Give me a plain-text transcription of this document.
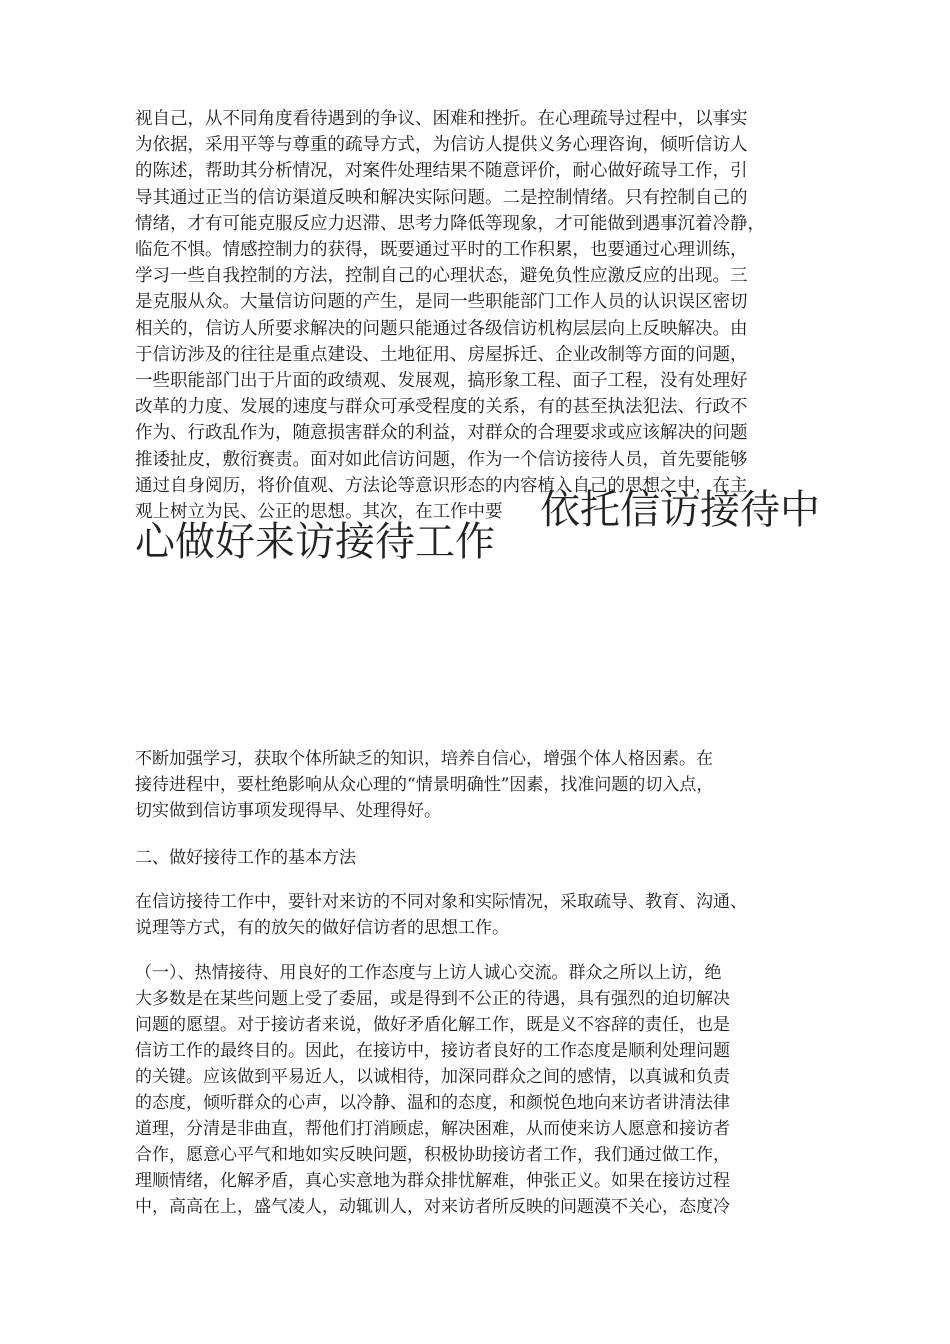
视自己，从不同角度看待遇到的争议、困难和挫折。在心理疏导过程中，以事实
为依据，采用平等与尊重的疏导方式，为信访人提供义务心理咨询，倾听信访人
的陈述，帮助其分析情况，对案件处理结果不随意评价，耐心做好疏导工作，引
导其通过正当的信访渠道反映和解决实际问题。二是控制情绪。只有控制自己的
情绪，才有可能克服反应力迟滞、思考力降低等现象，才可能做到遇事沉着冷静，
临危不惧。情感控制力的获得，既要通过平时的工作积累，也要通过心理训练，
学习一些自我控制的方法，控制自己的心理状态，避免负性应激反应的出现。三
是克服从众。大量信访问题的产生，是同一些职能部门工作人员的认识误区密切
相关的，信访人所要求解决的问题只能通过各级信访机构层层向上反映解决。由
于信访涉及的往往是重点建设、土地征用、房屋拆迁、企业改制等方面的问题，
一些职能部门出于片面的政绩观、发展观，搞形象工程、面子工程，没有处理好
改革的力度、发展的速度与群众可承受程度的关系，有的甚至执法犯法、行政不
作为、行政乱作为，随意损害群众的利益，对群众的合理要求或应该解决的问题
推诿扯皮，敷衍赛责。面对如此信访问题，作为一个信访接待人员，首先要能够
通过自身阅历，将价值观、方法论等意识形态的内容植入自己的思想之中，在主
观上树立为民、公正的思想。其次，在工作中要 依托信访接待中
心做好来访接待工作
不断加强学习，获取个体所缺乏的知识，培养自信心，增强个体人格因素。在
接待进程中，要杜绝影响从众心理的“情景明确性”因素，找准问题的切入点，
切实做到信访事项发现得早、处理得好。
二、做好接待工作的基本方法
在信访接待工作中，要针对来访的不同对象和实际情况，采取疏导、教育、沟通、
说理等方式，有的放矢的做好信访者的思想工作。
（一）、热情接待、用良好的工作态度与上访人诚心交流。群众之所以上访，绝
大多数是在某些问题上受了委屈，或是得到不公正的待遇，具有强烈的迫切解决
问题的愿望。对于接访者来说，做好矛盾化解工作，既是义不容辞的责任，也是
信访工作的最终目的。因此，在接访中，接访者良好的工作态度是顺利处理问题
的关键。应该做到平易近人，以诚相待，加深同群众之间的感情，以真诚和负责
的态度，倾听群众的心声，以冷静、温和的态度，和颜悦色地向来访者讲清法律
道理，分清是非曲直，帮他们打消顾虑，解决困难，从而使来访人愿意和接访者
合作，愿意心平气和地如实反映问题，积极协助接访者工作，我们通过做工作，
理顺情绪，化解矛盾，真心实意地为群众排忧解难，伸张正义。如果在接访过程
中，高高在上，盛气凌人，动辄训人，对来访者所反映的问题漠不关心，态度冷
